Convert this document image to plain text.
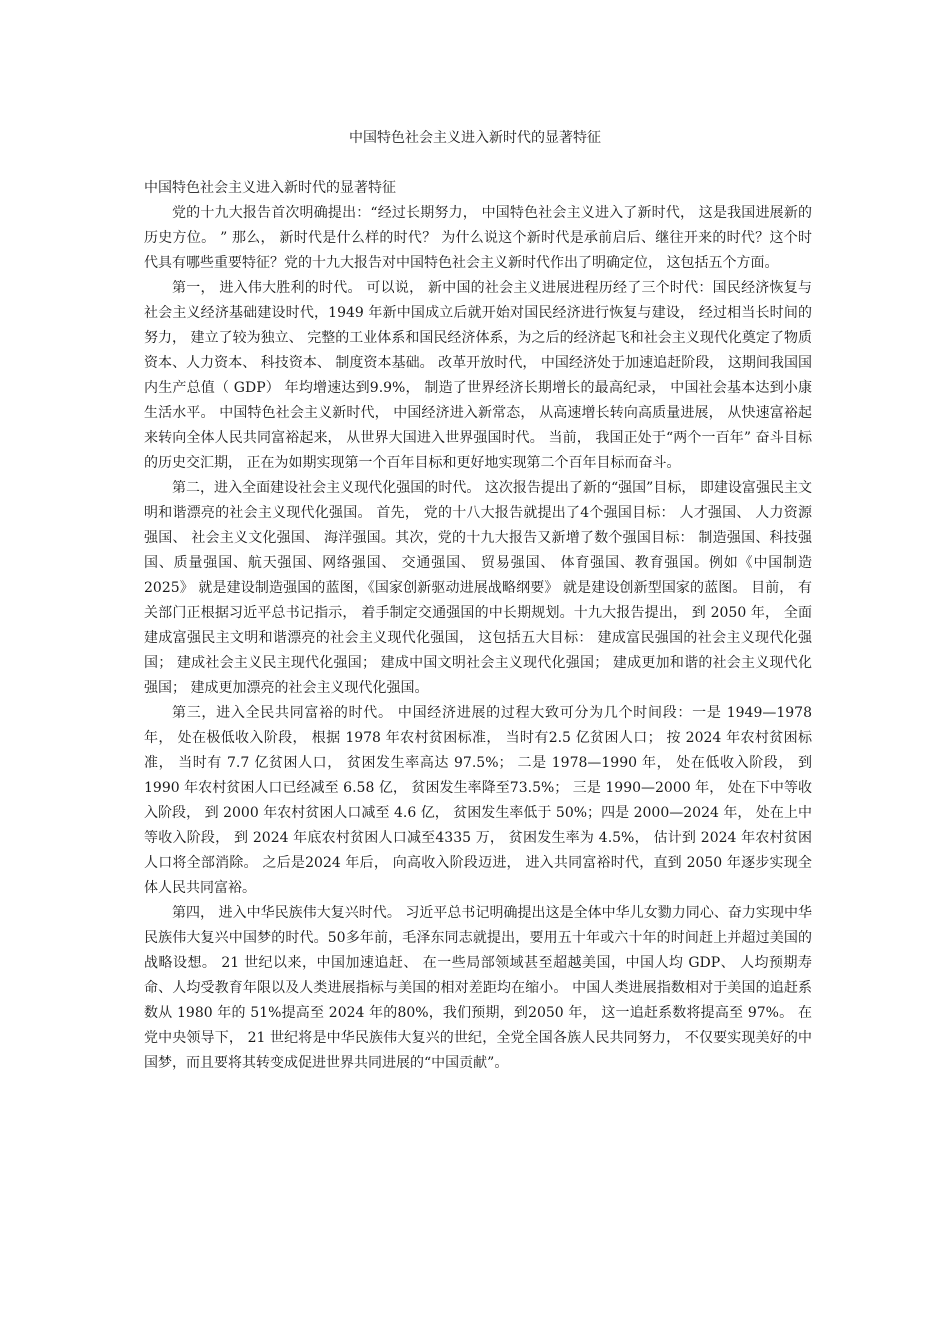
中国特色社会主义进入新时代的显著特征

中国特色社会主义进入新时代的显著特征

党的十九大报告首次明确提出：“经过长期努力， 中国特色社会主义进入了新时代， 这是我国进展新的历史方位。 ” 那么， 新时代是什么样的时代？ 为什么说这个新时代是承前启后、继往开来的时代？这个时代具有哪些重要特征？党的十九大报告对中国特色社会主义新时代作出了明确定位， 这包括五个方面。

第一， 进入伟大胜利的时代。 可以说， 新中国的社会主义进展进程历经了三个时代：国民经济恢复与社会主义经济基础建设时代，1949 年新中国成立后就开始对国民经济进行恢复与建设， 经过相当长时间的努力， 建立了较为独立、 完整的工业体系和国民经济体系，为之后的经济起飞和社会主义现代化奠定了物质资本、人力资本、 科技资本、 制度资本基础。 改革开放时代， 中国经济处于加速追赶阶段， 这期间我国国内生产总值（ GDP） 年均增速达到9.9%， 制造了世界经济长期增长的最高纪录， 中国社会基本达到小康生活水平。 中国特色社会主义新时代， 中国经济进入新常态， 从高速增长转向高质量进展， 从快速富裕起来转向全体人民共同富裕起来， 从世界大国进入世界强国时代。 当前， 我国正处于“两个一百年” 奋斗目标的历史交汇期， 正在为如期实现第一个百年目标和更好地实现第二个百年目标而奋斗。

第二，进入全面建设社会主义现代化强国的时代。 这次报告提出了新的“强国”目标， 即建设富强民主文明和谐漂亮的社会主义现代化强国。 首先， 党的十八大报告就提出了4个强国目标： 人才强国、 人力资源强国、 社会主义文化强国、 海洋强国。其次，党的十九大报告又新增了数个强国目标： 制造强国、科技强国、质量强国、航天强国、网络强国、 交通强国、 贸易强国、 体育强国、教育强国。例如《中国制造2025》 就是建设制造强国的蓝图，《国家创新驱动进展战略纲要》 就是建设创新型国家的蓝图。 目前， 有关部门正根据习近平总书记指示， 着手制定交通强国的中长期规划。十九大报告提出， 到 2050 年， 全面建成富强民主文明和谐漂亮的社会主义现代化强国， 这包括五大目标： 建成富民强国的社会主义现代化强国； 建成社会主义民主现代化强国； 建成中国文明社会主义现代化强国； 建成更加和谐的社会主义现代化强国； 建成更加漂亮的社会主义现代化强国。

第三，进入全民共同富裕的时代。 中国经济进展的过程大致可分为几个时间段：一是 1949—1978 年， 处在极低收入阶段， 根据 1978 年农村贫困标准， 当时有2.5 亿贫困人口； 按 2024 年农村贫困标准， 当时有 7.7 亿贫困人口， 贫困发生率高达 97.5%； 二是 1978—1990 年， 处在低收入阶段， 到 1990 年农村贫困人口已经减至 6.58 亿， 贫困发生率降至73.5%； 三是 1990—2000 年， 处在下中等收入阶段， 到 2000 年农村贫困人口减至 4.6 亿， 贫困发生率低于 50%；四是 2000—2024 年， 处在上中等收入阶段， 到 2024 年底农村贫困人口减至4335 万， 贫困发生率为 4.5%， 估计到 2024 年农村贫困人口将全部消除。 之后是2024 年后， 向高收入阶段迈进， 进入共同富裕时代，直到 2050 年逐步实现全体人民共同富裕。

第四， 进入中华民族伟大复兴时代。 习近平总书记明确提出这是全体中华儿女勠力同心、奋力实现中华民族伟大复兴中国梦的时代。50多年前，毛泽东同志就提出，要用五十年或六十年的时间赶上并超过美国的战略设想。 21 世纪以来，中国加速追赶、 在一些局部领域甚至超越美国，中国人均 GDP、 人均预期寿命、人均受教育年限以及人类进展指标与美国的相对差距均在缩小。 中国人类进展指数相对于美国的追赶系数从 1980 年的 51%提高至 2024 年的80%，我们预期，到2050 年， 这一追赶系数将提高至 97%。 在党中央领导下， 21 世纪将是中华民族伟大复兴的世纪，全党全国各族人民共同努力， 不仅要实现美好的中国梦，而且要将其转变成促进世界共同进展的“中国贡献”。
